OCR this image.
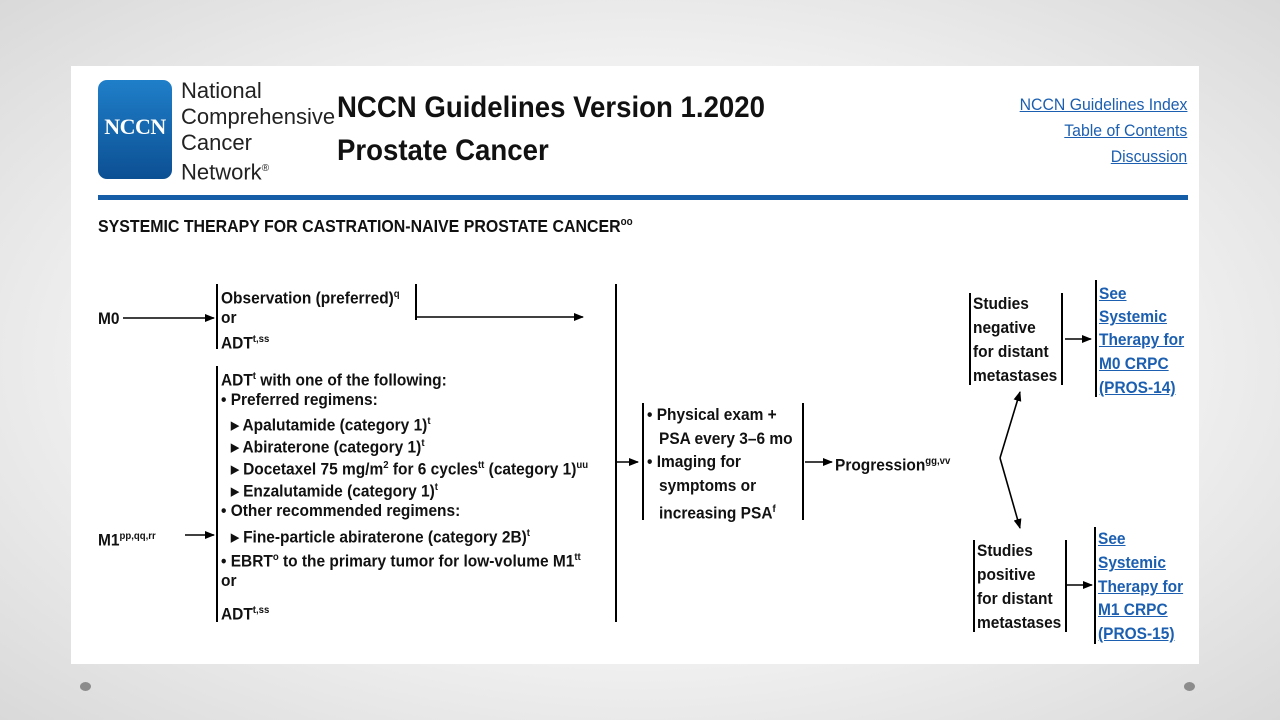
NCCN
National
Comprehensive
Cancer
Network®
NCCN Guidelines Version 1.2020
Prostate Cancer
NCCN Guidelines Index
Table of Contents
Discussion
SYSTEMIC THERAPY FOR CASTRATION-NAIVE PROSTATE $CANCER^{oo}$
M0
Observation (preferred)$^q$
or
$ADT^{t,ss}$
$M1^{pp,qq,rr}$
ADT$^t$ with one of the following:
• Preferred regimens:
▸ Apalutamide (category 1)$^t$
▸ Abiraterone (category 1)$^t$
▸ Docetaxel 75 $mg/m^2$ for 6 cycles$^{tt}$ (category 1)$^{uu}$
▸ Enzalutamide (category 1)$^t$
• Other recommended regimens:
▸ Fine-particle abiraterone (category 2B)$^t$
• EBRT$^o$ to the primary tumor for low-volume $M1^{tt}$
or
$ADT^{t,ss}$
• Physical exam +
PSA every 3–6 mo
• Imaging for
symptoms or
increasing PSA$^f$
Progression$^{gg,vv}$
Studies
negative
for distant
metastases
See
Systemic
Therapy for
M0 CRPC
(PROS-14)
Studies
positive
for distant
metastases
See
Systemic
Therapy for
M1 CRPC
(PROS-15)
